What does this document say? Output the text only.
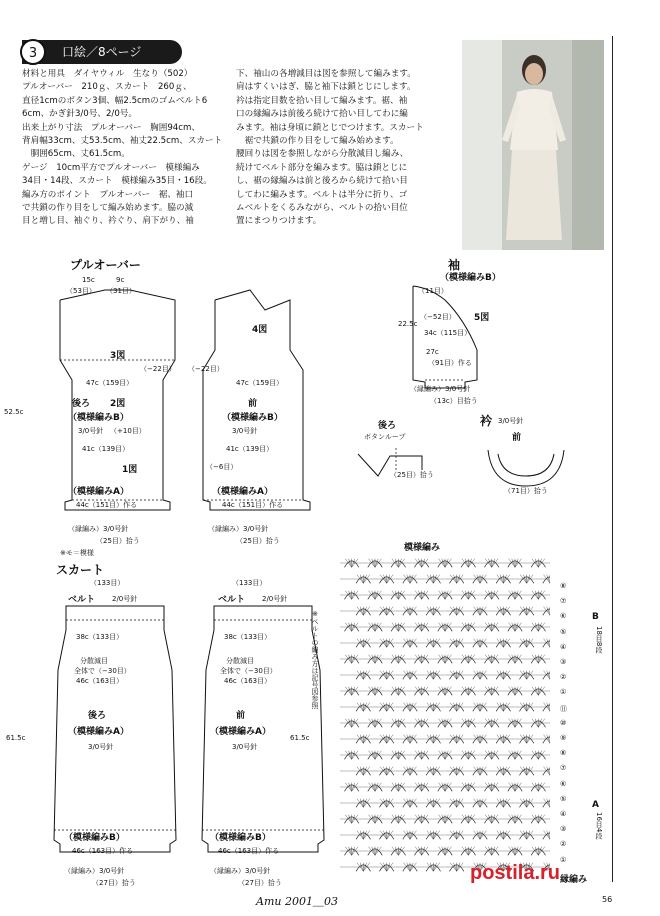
3	口絵／8ページ
材料と用具　ダイヤウィル　生なり（502）
プルオーバー　210ｇ、スカート　260ｇ、
直径1cmのボタン3個、幅2.5cmのゴムベルト6
6cm、かぎ針3/0号、2/0号。
出来上がり寸法　プルオーバー　胸囲94cm、
背肩幅33cm、丈53.5cm、袖丈22.5cm、スカート
　胴囲65cm、丈61.5cm。
ゲージ　10cm平方でプルオーバー　模様編み
34目・14段、スカート　模様編み35目・16段。
編み方のポイント　プルオーバー　裾、袖口
で共鎖の作り目をして編み始めます。脇の減
目と増し目、袖ぐり、衿ぐり、肩下がり、袖
下、袖山の各増減目は図を参照して編みます。
肩はすくいはぎ、脇と袖下は鎖とじにします。
衿は指定目数を拾い目して編みます。裾、袖
口の縁編みは前後ろ続けて拾い目してわに編
みます。袖は身頃に鎖とじでつけます。スカート
　裾で共鎖の作り目をして編み始めます。
腰回りは図を参照しながら分散減目し編み、
続けてベルト部分を編みます。脇は鎖とじに
し、裾の縁編みは前と後ろから続けて拾い目
してわに編みます。ベルトは半分に折り、ゴ
ムベルトをくるみながら、ベルトの拾い目位
置にまつりつけます。
プルオーバー
15c	9c
（53目） （31目）
3図
47c（159目）	47c（159目）
後ろ 2図	前
4図
（模様編みB）	（模様編みB）
3/0号針	3/0号針
（+10目）
41c（139目）	41c（139目）
1図
（模様編みA）	（模様編みA）
44c（151目）作る	44c（151目）作る
（−22目） （−22目）
（−6目）
52.5c
（縁編み）3/0号針	（縁編み）3/0号針
（25目）拾う	（25目）拾う
※モ＝模様
袖
（模様編みB）
（11目）
（−52目） 5図
34c（115目）
27c
（91目）作る
22.5c
（縁編み）3/0号針
（13c）目拾う
衿 3/0号針
後ろ
前
ボタンループ
（25目）拾う
（71目）拾う
スカート
（133目）	（133目）
ベルト 2/0号針	ベルト 2/0号針
38c（133目）	38c（133目）
分散減目	分散減目
全体で（−30目）	全体で（−30目）
46c（163目）	46c（163目）
後ろ	前
（模様編みA）	（模様編みA）
3/0号針	3/0号針
（模様編みB）	（模様編みB）
46c（163目）作る	46c（163目）作る
（縁編み）3/0号針	（縁編み）3/0号針
（27目）拾う	（27目）拾う
61.5c	61.5c
※ベルトの編み方は記号図参照
模様編み
⑧
⑦
⑥
⑤
④
③
②
①
⑪
⑩
⑨
⑧
⑦
⑥
⑤
④
③
②
①
B
18目8段
A
16目4段
縁編み
Amu 2001＿03	56
postila.ru
